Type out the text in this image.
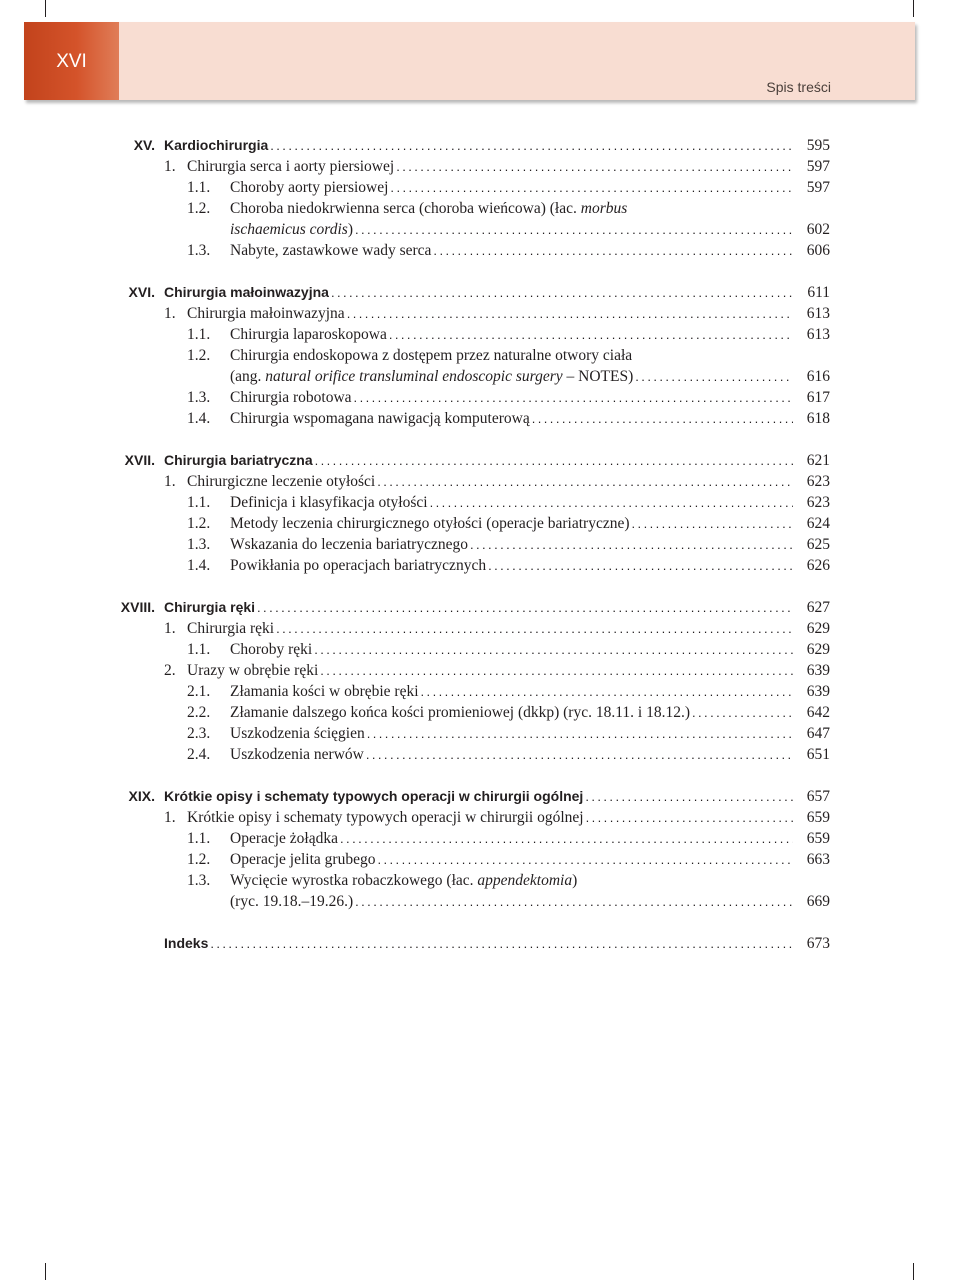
XVI
Spis treści
XV. Kardiochirurgia . . .	595
1. Chirurgia serca i aorty piersiowej . . .	597
1.1. Choroby aorty piersiowej . . .	597
1.2. Choroba niedokrwienna serca (choroba wieńcowa) (łac. morbus
ischaemicus cordis) . . .	602
1.3. Nabyte, zastawkowe wady serca . . .	606
XVI. Chirurgia małoinwazyjna . . .	611
1. Chirurgia małoinwazyjna . . .	613
1.1. Chirurgia laparoskopowa . . .	613
1.2. Chirurgia endoskopowa z dostępem przez naturalne otwory ciała
(ang. natural orifice transluminal endoscopic surgery – NOTES) . . .	616
1.3. Chirurgia robotowa . . .	617
1.4. Chirurgia wspomagana nawigacją komputerową . . .	618
XVII. Chirurgia bariatryczna . . .	621
1. Chirurgiczne leczenie otyłości . . .	623
1.1. Definicja i klasyfikacja otyłości . . .	623
1.2. Metody leczenia chirurgicznego otyłości (operacje bariatryczne) . . .	624
1.3. Wskazania do leczenia bariatrycznego . . .	625
1.4. Powikłania po operacjach bariatrycznych . . .	626
XVIII. Chirurgia ręki . . .	627
1. Chirurgia ręki . . .	629
1.1. Choroby ręki . . .	629
2. Urazy w obrębie ręki . . .	639
2.1. Złamania kości w obrębie ręki . . .	639
2.2. Złamanie dalszego końca kości promieniowej (dkkp) (ryc. 18.11. i 18.12.) . . .	642
2.3. Uszkodzenia ścięgien . . .	647
2.4. Uszkodzenia nerwów . . .	651
XIX. Krótkie opisy i schematy typowych operacji w chirurgii ogólnej . . .	657
1. Krótkie opisy i schematy typowych operacji w chirurgii ogólnej . . .	659
1.1. Operacje żołądka . . .	659
1.2. Operacje jelita grubego . . .	663
1.3. Wycięcie wyrostka robaczkowego (łac. appendektomia)
(ryc. 19.18.–19.26.) . . .	669
Indeks . . .	673
